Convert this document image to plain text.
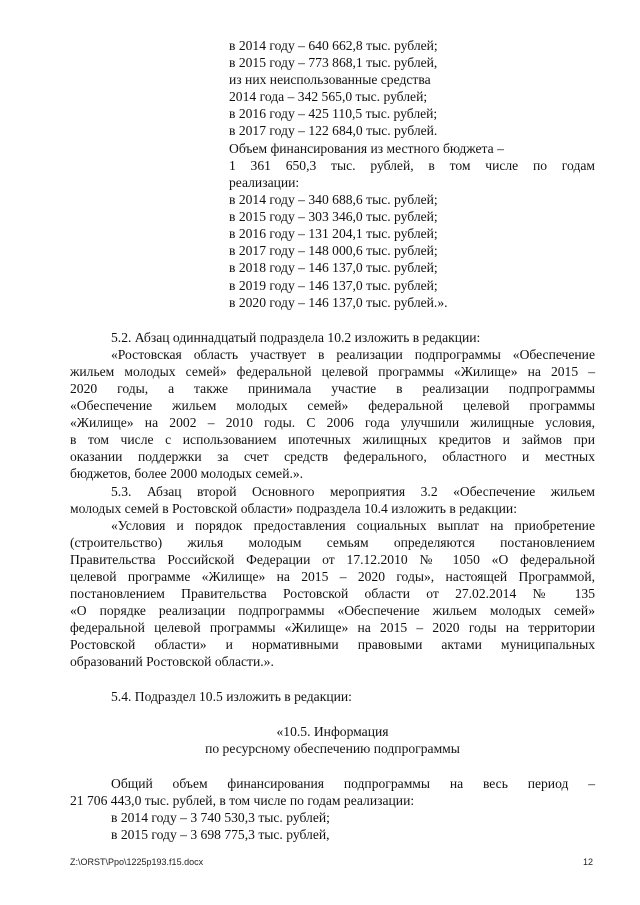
в 2014 году – 640 662,8 тыс. рублей;
в 2015 году – 773 868,1 тыс. рублей,
из них неиспользованные средства
2014 года – 342 565,0 тыс. рублей;
в 2016 году – 425 110,5 тыс. рублей;
в 2017 году – 122 684,0 тыс. рублей.
Объем финансирования из местного бюджета –
1 361 650,3 тыс. рублей, в том числе по годам
реализации:
в 2014 году – 340 688,6 тыс. рублей;
в 2015 году – 303 346,0 тыс. рублей;
в 2016 году – 131 204,1 тыс. рублей;
в 2017 году – 148 000,6 тыс. рублей;
в 2018 году – 146 137,0 тыс. рублей;
в 2019 году – 146 137,0 тыс. рублей;
в 2020 году – 146 137,0 тыс. рублей.».
5.2. Абзац одиннадцатый подраздела 10.2 изложить в редакции:
«Ростовская область участвует в реализации подпрограммы «Обеспечение
жильем молодых семей» федеральной целевой программы «Жилище» на 2015 –
2020 годы, а также принимала участие в реализации подпрограммы
«Обеспечение жильем молодых семей» федеральной целевой программы
«Жилище» на 2002 – 2010 годы. С 2006 года улучшили жилищные условия,
в том числе с использованием ипотечных жилищных кредитов и займов при
оказании поддержки за счет средств федерального, областного и местных
бюджетов, более 2000 молодых семей.».
5.3. Абзац второй Основного мероприятия 3.2 «Обеспечение жильем
молодых семей в Ростовской области» подраздела 10.4 изложить в редакции:
«Условия и порядок предоставления социальных выплат на приобретение
(строительство) жилья молодым семьям определяются постановлением
Правительства Российской Федерации от 17.12.2010 № 1050 «О федеральной
целевой программе «Жилище» на 2015 – 2020 годы», настоящей Программой,
постановлением Правительства Ростовской области от 27.02.2014 № 135
«О порядке реализации подпрограммы «Обеспечение жильем молодых семей»
федеральной целевой программы «Жилище» на 2015 – 2020 годы на территории
Ростовской области» и нормативными правовыми актами муниципальных
образований Ростовской области.».
5.4. Подраздел 10.5 изложить в редакции:
«10.5. Информация
по ресурсному обеспечению подпрограммы
Общий объем финансирования подпрограммы на весь период –
21 706 443,0 тыс. рублей, в том числе по годам реализации:
в 2014 году – 3 740 530,3 тыс. рублей;
в 2015 году – 3 698 775,3 тыс. рублей,
Z:\ORST\Ppo\1225p193.f15.docx	12
